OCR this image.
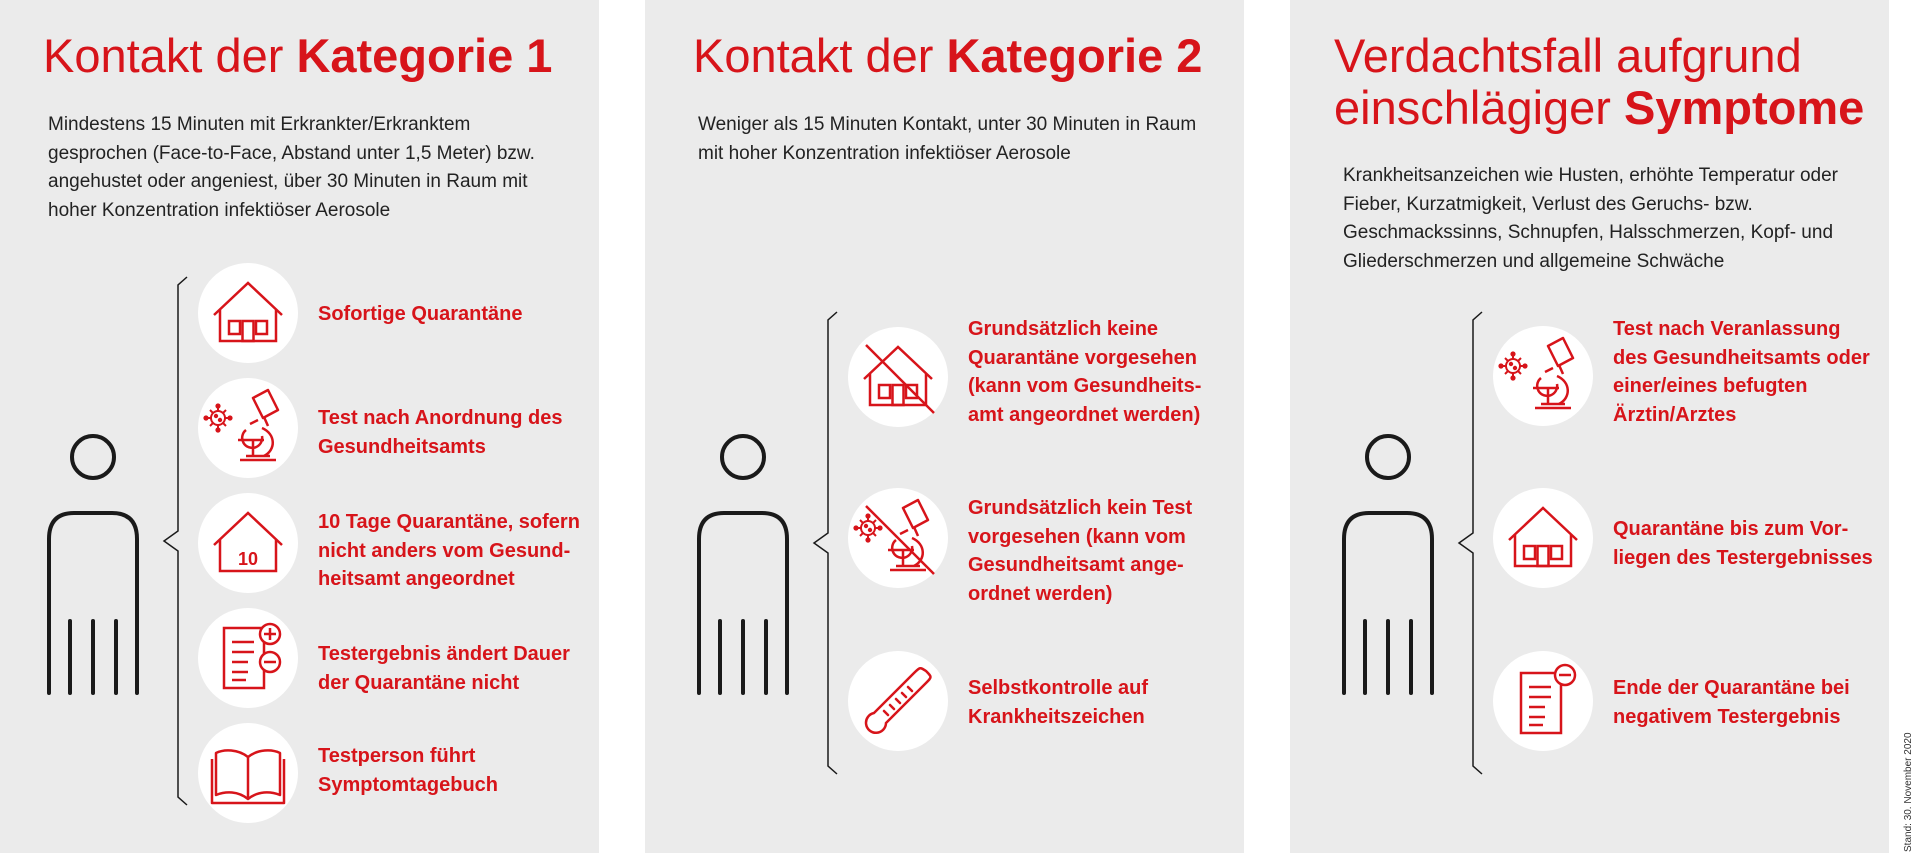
Kontakt der Kategorie 1

Mindestens 15 Minuten mit Erkrankter/Erkranktem gesprochen (Face-to-Face, Abstand unter 1,5 Meter) bzw. angehustet oder angeniest, über 30 Minuten in Raum mit hoher Konzentration infektiöser Aerosole

Sofortige Quarantäne
Test nach Anordnung des Gesundheitsamts
10
10 Tage Quarantäne, sofern nicht anders vom Gesundheitsamt angeordnet
Testergebnis ändert Dauer der Quarantäne nicht
Testperson führt Symptomtagebuch
Kontakt der Kategorie 2

Weniger als 15 Minuten Kontakt, unter 30 Minuten in Raum mit hoher Konzentration infektiöser Aerosole

Grundsätzlich keine Quarantäne vorgesehen (kann vom Gesundheitsamt angeordnet werden)
Grundsätzlich kein Test vorgesehen (kann vom Gesundheitsamt angeordnet werden)
Selbstkontrolle auf Krankheitszeichen
Verdachtsfall aufgrund
einschlägiger Symptome

Krankheitsanzeichen wie Husten, erhöhte Temperatur oder Fieber, Kurzatmigkeit, Verlust des Geruchs- bzw. Geschmackssinns, Schnupfen, Halsschmerzen, Kopf- und Gliederschmerzen und allgemeine Schwäche

Test nach Veranlassung des Gesundheitsamts oder einer/eines befugten Ärztin/Arztes
Quarantäne bis zum Vorliegen des Testergebnisses
Ende der Quarantäne bei negativem Testergebnis
Stand: 30. November 2020
